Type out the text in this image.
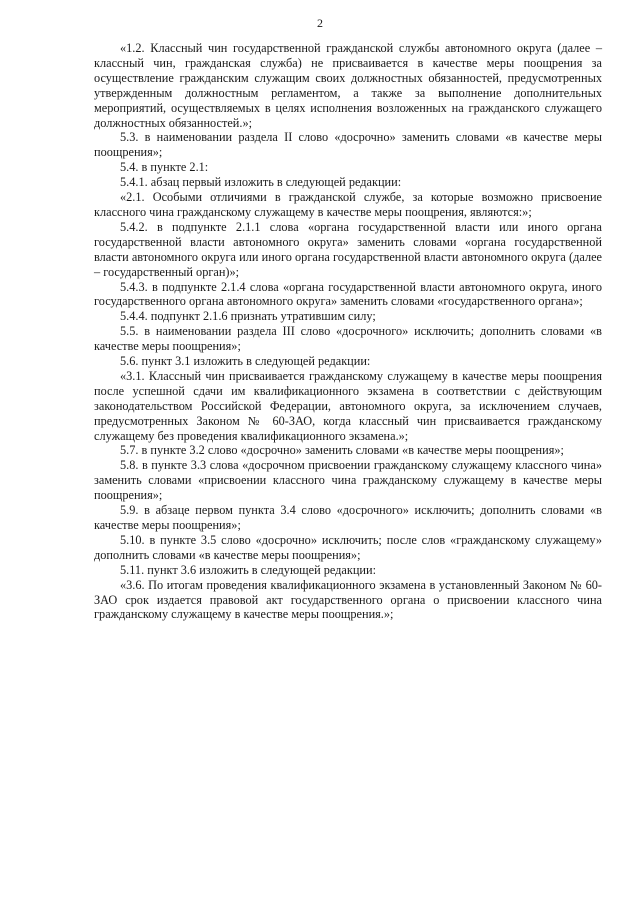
2

«1.2. Классный чин государственной гражданской службы автономного округа (далее – классный чин, гражданская служба) не присваивается в качестве меры поощрения за осуществление гражданским служащим своих должностных обязанностей, предусмотренных утвержденным должностным регламентом, а также за выполнение дополнительных мероприятий, осуществляемых в целях исполнения возложенных на гражданского служащего должностных обязанностей.»;

5.3. в наименовании раздела II слово «досрочно» заменить словами «в качестве меры поощрения»;

5.4. в пункте 2.1:

5.4.1. абзац первый изложить в следующей редакции:

«2.1. Особыми отличиями в гражданской службе, за которые возможно присвоение классного чина гражданскому служащему в качестве меры поощрения, являются:»;

5.4.2. в подпункте 2.1.1 слова «органа государственной власти или иного органа государственной власти автономного округа» заменить словами «органа государственной власти автономного округа или иного органа государственной власти автономного округа (далее – государственный орган)»;

5.4.3. в подпункте 2.1.4 слова «органа государственной власти автономного округа, иного государственного органа автономного округа» заменить словами «государственного органа»;

5.4.4. подпункт 2.1.6 признать утратившим силу;

5.5. в наименовании раздела III слово «досрочного» исключить; дополнить словами «в качестве меры поощрения»;

5.6. пункт 3.1 изложить в следующей редакции:

«3.1. Классный чин присваивается гражданскому служащему в качестве меры поощрения после успешной сдачи им квалификационного экзамена в соответствии с действующим законодательством Российской Федерации, автономного округа, за исключением случаев, предусмотренных Законом № 60-ЗАО, когда классный чин присваивается гражданскому служащему без проведения квалификационного экзамена.»;

5.7. в пункте 3.2 слово «досрочно» заменить словами «в качестве меры поощрения»;

5.8. в пункте 3.3 слова «досрочном присвоении гражданскому служащему классного чина» заменить словами «присвоении классного чина гражданскому служащему в качестве меры поощрения»;

5.9. в абзаце первом пункта 3.4 слово «досрочного» исключить; дополнить словами «в качестве меры поощрения»;

5.10. в пункте 3.5 слово «досрочно» исключить; после слов «гражданскому служащему» дополнить словами «в качестве меры поощрения»;

5.11. пункт 3.6 изложить в следующей редакции:

«3.6. По итогам проведения квалификационного экзамена в установленный Законом № 60-ЗАО срок издается правовой акт государственного органа о присвоении классного чина гражданскому служащему в качестве меры поощрения.»;
